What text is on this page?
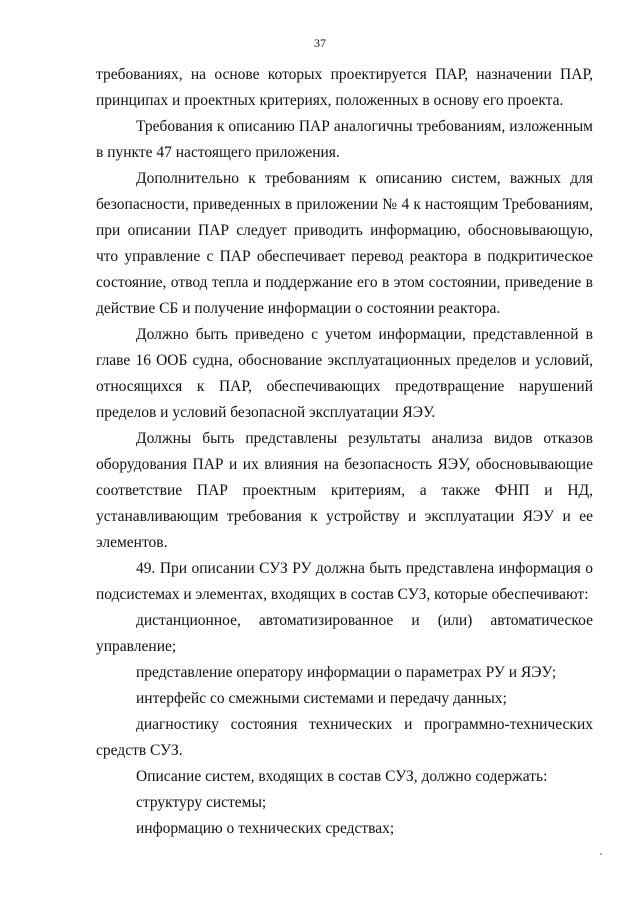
37

требованиях, на основе которых проектируется ПАР, назначении ПАР, принципах и проектных критериях, положенных в основу его проекта.

Требования к описанию ПАР аналогичны требованиям, изложенным в пункте 47 настоящего приложения.

Дополнительно к требованиям к описанию систем, важных для безопасности, приведенных в приложении № 4 к настоящим Требованиям, при описании ПАР следует приводить информацию, обосновывающую, что управление с ПАР обеспечивает перевод реактора в подкритическое состояние, отвод тепла и поддержание его в этом состоянии, приведение в действие СБ и получение информации о состоянии реактора.

Должно быть приведено с учетом информации, представленной в главе 16 ООБ судна, обоснование эксплуатационных пределов и условий, относящихся к ПАР, обеспечивающих предотвращение нарушений пределов и условий безопасной эксплуатации ЯЭУ.

Должны быть представлены результаты анализа видов отказов оборудования ПАР и их влияния на безопасность ЯЭУ, обосновывающие соответствие ПАР проектным критериям, а также ФНП и НД, устанавливающим требования к устройству и эксплуатации ЯЭУ и ее элементов.

49. При описании СУЗ РУ должна быть представлена информация о подсистемах и элементах, входящих в состав СУЗ, которые обеспечивают:

дистанционное, автоматизированное и (или) автоматическое управление;

представление оператору информации о параметрах РУ и ЯЭУ;

интерфейс со смежными системами и передачу данных;

диагностику состояния технических и программно-технических средств СУЗ.

Описание систем, входящих в состав СУЗ, должно содержать:

структуру системы;

информацию о технических средствах;
